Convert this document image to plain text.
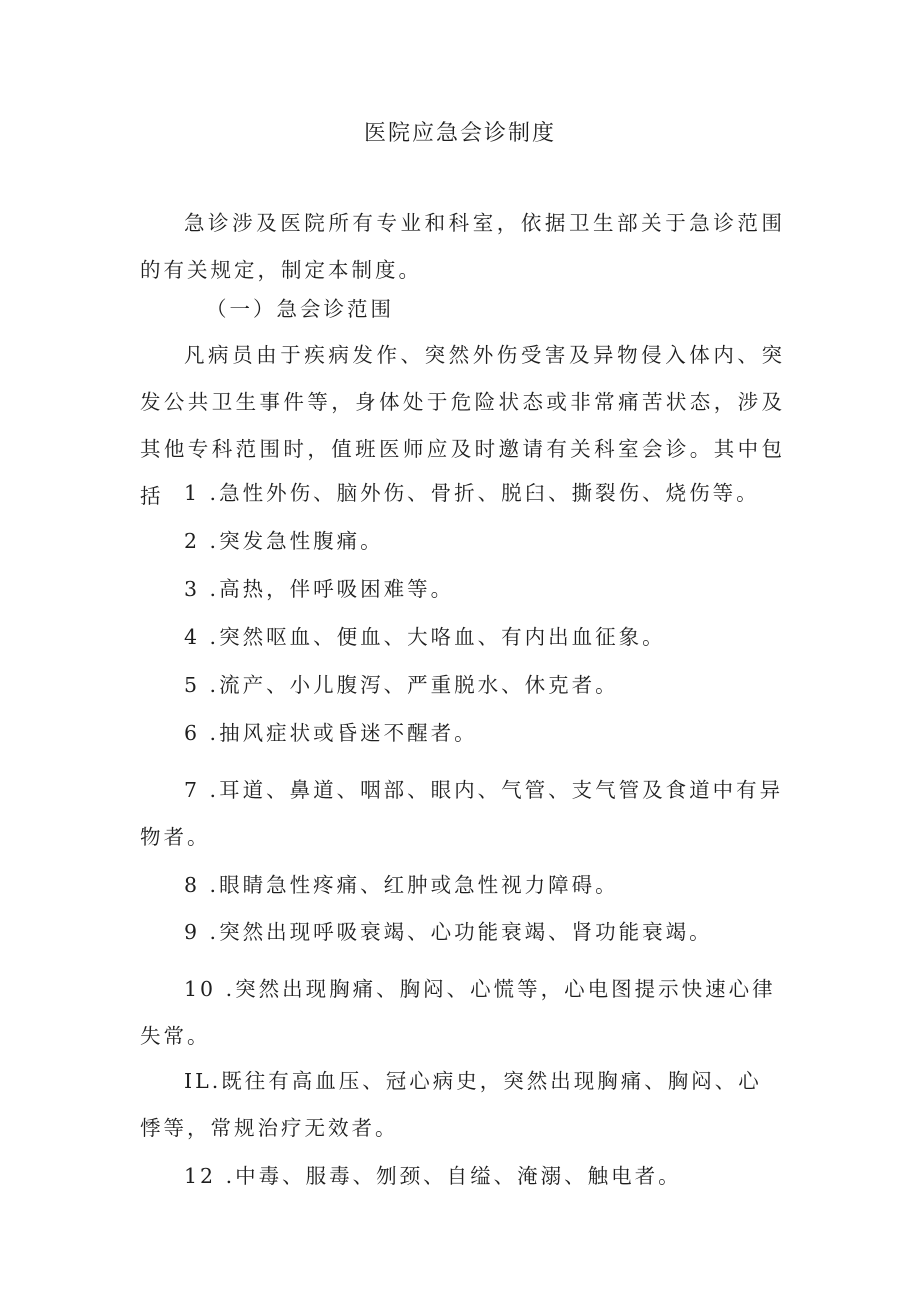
医院应急会诊制度

急诊涉及医院所有专业和科室，依据卫生部关于急诊范围的有关规定，制定本制度。

（一）急会诊范围

凡病员由于疾病发作、突然外伤受害及异物侵入体内、突发公共卫生事件等，身体处于危险状态或非常痛苦状态，涉及其他专科范围时，值班医师应及时邀请有关科室会诊。其中包括	1 .急性外伤、脑外伤、骨折、脱臼、撕裂伤、烧伤等。

2 .突发急性腹痛。

3 .高热，伴呼吸困难等。

4 .突然呕血、便血、大咯血、有内出血征象。

5 .流产、小儿腹泻、严重脱水、休克者。

6 .抽风症状或昏迷不醒者。

7 .耳道、鼻道、咽部、眼内、气管、支气管及食道中有异物者。

8 .眼睛急性疼痛、红肿或急性视力障碍。

9 .突然出现呼吸衰竭、心功能衰竭、肾功能衰竭。

10 .突然出现胸痛、胸闷、心慌等，心电图提示快速心律失常。

IL.既往有高血压、冠心病史，突然出现胸痛、胸闷、心悸等，常规治疗无效者。

12 .中毒、服毒、刎颈、自缢、淹溺、触电者。
